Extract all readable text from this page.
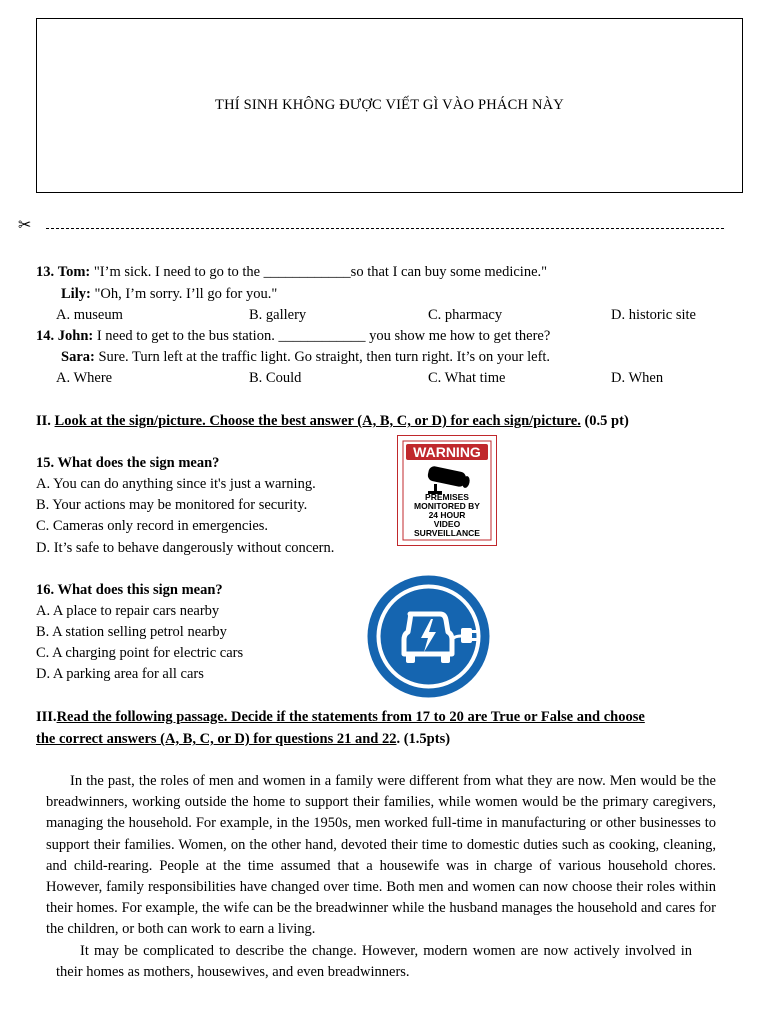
THÍ SINH KHÔNG ĐƯỢC VIẾT GÌ VÀO PHÁCH NÀY
✂
13. Tom: "I’m sick. I need to go to the ____________so that I can buy some medicine."
Lily: "Oh, I’m sorry. I’ll go for you."
A. museum	B. gallery	C. pharmacy	D. historic site
14. John: I need to get to the bus station. ____________ you show me how to get there?
Sara: Sure. Turn left at the traffic light. Go straight, then turn right. It’s on your left.
A. Where	B. Could	C. What time	D. When
II. Look at the sign/picture. Choose the best answer (A, B, C, or D) for each sign/picture. (0.5 pt)
15. What does the sign mean?
A. You can do anything since it's just a warning.
B. Your actions may be monitored for security.
C. Cameras only record in emergencies.
D. It’s safe to behave dangerously without concern.
WARNING
PREMISES
MONITORED BY
24 HOUR
VIDEO
SURVEILLANCE
16. What does this sign mean?
A. A place to repair cars nearby
B. A station selling petrol nearby
C. A charging point for electric cars
D. A parking area for all cars
III.Read the following passage. Decide if the statements from 17 to 20 are True or False and choose
the correct answers (A, B, C, or D) for questions 21 and 22. (1.5pts)

In the past, the roles of men and women in a family were different from what they are now. Men would be the breadwinners, working outside the home to support their families, while women would be the primary caregivers, managing the household. For example, in the 1950s, men worked full-time in manufacturing or other businesses to support their families. Women, on the other hand, devoted their time to domestic duties such as cooking, cleaning, and child-rearing. People at the time assumed that a housewife was in charge of various household chores. However, family responsibilities have changed over time. Both men and women can now choose their roles within their homes. For example, the wife can be the breadwinner while the husband manages the household and cares for the children, or both can work to earn a living.

It may be complicated to describe the change. However, modern women are now actively involved in their homes as mothers, housewives, and even breadwinners.
